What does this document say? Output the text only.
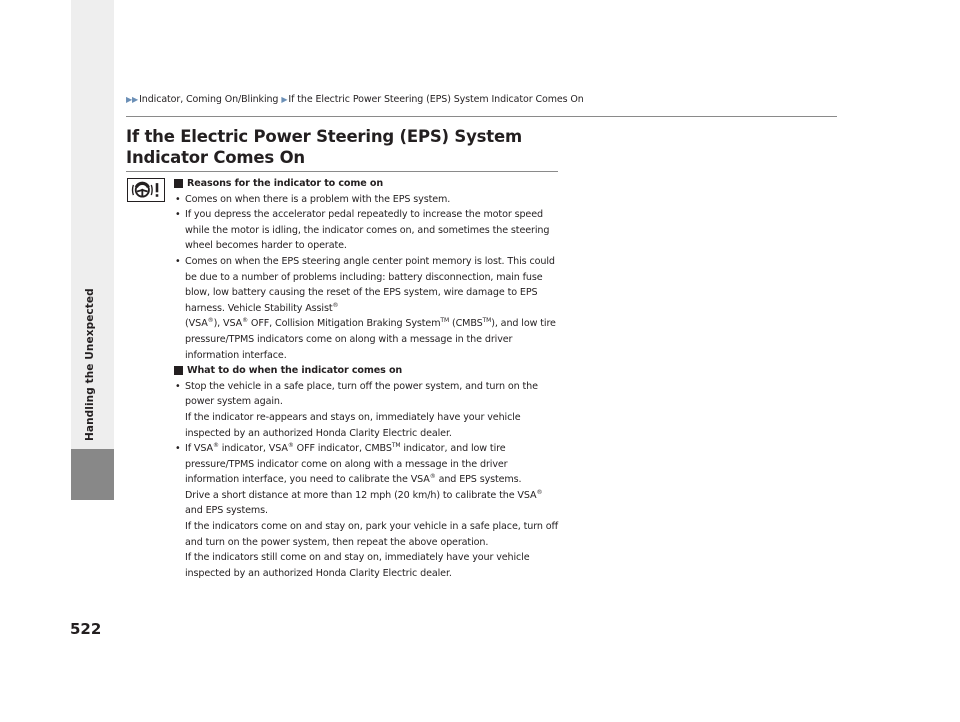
▶▶ Indicator, Coming On/Blinking ▶ If the Electric Power Steering (EPS) System Indicator Comes On
If the Electric Power Steering (EPS) System Indicator Comes On
Reasons for the indicator to come on
• Comes on when there is a problem with the EPS system.
• If you depress the accelerator pedal repeatedly to increase the motor speed while the motor is idling, the indicator comes on, and sometimes the steering wheel becomes harder to operate.
• Comes on when the EPS steering angle center point memory is lost. This could be due to a number of problems including: battery disconnection, main fuse blow, low battery causing the reset of the EPS system, wire damage to EPS harness. Vehicle Stability Assist®
(VSA®), VSA® OFF, Collision Mitigation Braking System™ (CMBS™), and low tire pressure/TPMS indicators come on along with a message in the driver information interface.
What to do when the indicator comes on
• Stop the vehicle in a safe place, turn off the power system, and turn on the power system again.

If the indicator re-appears and stays on, immediately have your vehicle inspected by an authorized Honda Clarity Electric dealer.

• If VSA® indicator, VSA® OFF indicator, CMBS™ indicator, and low tire pressure/TPMS indicator come on along with a message in the driver information interface, you need to calibrate the VSA® and EPS systems.

Drive a short distance at more than 12 mph (20 km/h) to calibrate the VSA® and EPS systems.

If the indicators come on and stay on, park your vehicle in a safe place, turn off and turn on the power system, then repeat the above operation.

If the indicators still come on and stay on, immediately have your vehicle inspected by an authorized Honda Clarity Electric dealer.

522
